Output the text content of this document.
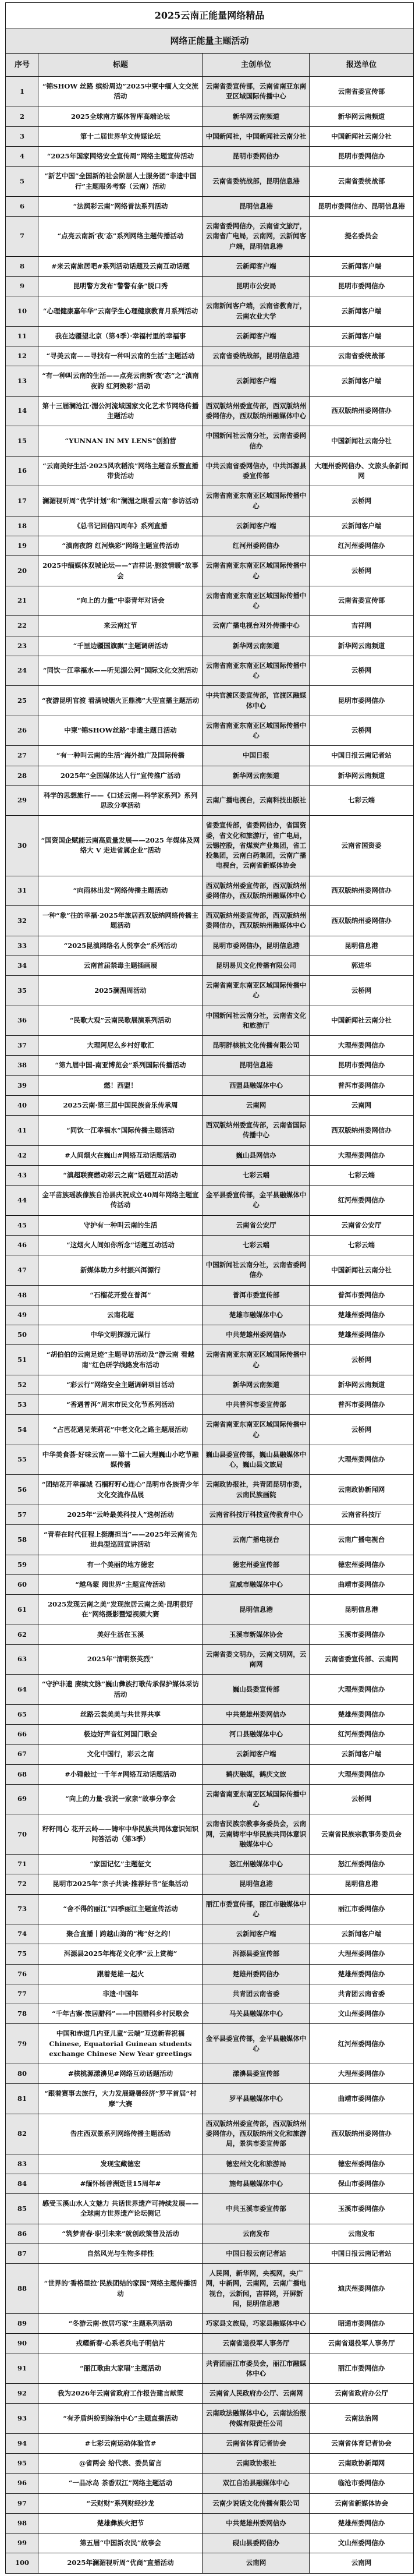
2025云南正能量网络精品			
网络正能量主题活动			
序号	标题	主创单位	报送单位
1	“锦SHOW 丝路 缤纷周边”2025中柬中缅人文交流活动	云南省委宣传部，云南省南亚东南亚区域国际传播中心	云南省委宣传部
2	2025全球南方媒体智库高端论坛	新华网云南频道	新华网云南频道
3	第十二届世界华文传媒论坛	中国新闻社，中国新闻社云南分社	中国新闻社云南分社
4	“2025年国家网络安全宣传周”网络主题宣传活动	昆明市委网信办	昆明市委网信办
5	“新艺中国”全国新的社会阶层人士服务团“非遗中国行”主题服务考察（云南）活动	云南省委统战部，昆明信息港	云南省委统战部
6	“法润彩云南”网络普法系列活动	昆明信息港	昆明市委网信办、昆明信息港
7	“点亮云南新‘夜’态”系列网络主题传播活动	云南省委网信办，云南省文旅厅，云南省广电局，云南网，云新闻客户端，昆明信息港	提名委员会
8	#来云南旅居吧#系列活动话题及云南互动话题	云新闻客户端	云新闻客户端
9	昆明警方发布“警警有条”脱口秀	昆明市公安局	昆明市委网信办
10	“心理健康嘉年华”云南学生心理健康教育月系列活动	云南新闻客户端，云南省教育厅，云南农业大学	云新闻客户端
11	我在边疆望北京（第4季）·幸福村里的幸福事	云新闻客户端	云新闻客户端
12	“寻美云南——寻找有一种叫云南的生活”主题活动	云南省委统战部，昆明信息港	云南省委统战部
13	“有一种叫云南的生活——点亮云南新‘夜’态”之“滇南夜韵 红河焕彩”活动	云新闻客户端	云新闻客户端
14	第十三届澜沧江·湄公河流域国家文化艺术节网络传播主题活动	西双版纳州委宣传部，西双版纳州委网信办，西双版纳州融媒体中心	西双版纳州委网信办
15	“YUNNAN IN MY LENS”创拍营	中国新闻社云南分社，云南省委网信办	中国新闻社云南分社
16	“云南美好生活·2025风吹稻浪”网络主题音乐暨直播带货活动	中共云南省委网信办，中共洱源县委宣传部	大理州委网信办、文旅头条新闻网
17	澜湄视听周“优学计划”和“澜湄之眼看云南”参访活动	云南省南亚东南亚区域国际传播中心	云桥网
18	《总书记回信四周年》系列直播	云新闻客户端	云新闻客户端
19	“滇南夜韵 红河焕彩”网络主题宣传活动	红河州委网信办	红河州委网信办
20	2025中缅媒体双城论坛——“吉祥说·胞波情暖”故事会	云南省南亚东南亚区域国际传播中心	云桥网
21	“向上的力量”中泰青年对话会	云南省南亚东南亚区域国际传播中心	云南省委宣传部
22	来云南过节	云南广播电视台对外传播中心	吉祥网
23	“千里边疆国旗飘”主题调研活动	新华网云南频道	新华网云南频道
24	“同饮一江幸福水——听见湄公河”国际文化交流活动	云南省南亚东南亚区域国际传播中心	云桥网
25	“夜游昆明官渡 看满城烟火正鼎沸”大型直播主题活动	中共官渡区委宣传部，官渡区融媒体中心	昆明市委网信办
26	中柬“锦SHOW丝路”非遗主题日活动	云南省南亚东南亚区域国际传播中心	云桥网
27	“有一种叫云南的生活”海外推广及国际传播	中国日报	中国日报云南记者站
28	2025年“全国媒体达人行”宣传推广活动	新华网云南频道	新华网云南频道
29	科学的思想旅行——《口述云南—科学家系列》系列思政分享活动	云南广播电视台，云南科技出版社	七彩云端
30	“国资国企赋能云南高质量发展——2025 年媒体及网络大 V 走进省属企业”活动	省委宣传部，省委网信办，省国资委，省文化和旅游厅，省广电局，云锡控股，省煤炭产业集团，省工投集团，云南白药集团，云南广播电视台，云南省新媒体协会	云南省国资委
31	“向雨林出发”网络传播主题活动	西双版纳州委宣传部，西双版纳州委网信办，西双版纳州融媒体中心	西双版纳州委网信办
32	一种“象”往的幸福·2025年旅居西双版纳网络传播主题活动	西双版纳州委宣传部，西双版纳州委网信办，西双版纳州融媒体中心	西双版纳州委网信办
33	“2025昆滇网络名人悦享会”系列活动	昆明市委网信办，昆明信息港	昆明信息港
34	云南首届禁毒主题插画展	昆明易贝文化传播有限公司	郭进华
35	2025澜湄周活动	云南省南亚东南亚区域国际传播中心	云桥网
36	“民歌大观”云南民歌展演系列活动	中国新闻社云南分社，云南省文化和旅游厅	中国新闻社云南分社
37	大理阿尼么乡村好歌汇	昆明胖核桃文化传播有限公司	大理州委网信办
38	“第九届中国-南亚博览会”系列国际传播活动	昆明信息港	昆明市委网信办
39	燃！西盟！	西盟县融媒体中心	普洱市委网信办
40	2025云南·第三届中国民族音乐传承周	云南网	云南网
41	“同饮一江幸福水”国际传播主题活动	西双版纳州委宣传部，云南省国际传播中心	西双版纳州委网信办
42	#人间烟火在巍山#网络互动话题活动	巍山县网信办	大理州委网信办
43	“滇超联赛燃动彩云之南”话题互动活动	七彩云端	七彩云端
44	金平苗族瑶族傣族自治县庆祝成立40周年网络主题宣传活动	金平县委宣传部，金平县融媒体中心	红河州委网信办
45	守护有一种叫云南的生活	云南省公安厅	云南省公安厅
46	“这烟火人间如你所念”话题互动活动	七彩云端	七彩云端
47	新媒体助力乡村振兴洱源行	中国新闻社云南分社，云南省委网信办	中国新闻社云南分社
48	“石榴花开爱在普洱”	普洱市委宣传部	普洱市委网信办
49	云南花超	楚雄市融媒体中心	楚雄州委网信办
50	中华文明探源元谋行	中共楚雄州委网信办	楚雄州委网信办
51	“胡伯伯的云南足迹”主题寻访活动及“游云南 看越南”红色研学线路发布活动	云南省南亚东南亚区域国际传播中心	云桥网
52	“彩云行”网络安全主题调研项目活动	新华网云南频道	新华网云南频道
53	“香遇普洱”周末市民文化节系列活动	中共普洱市委宣传部	普洱市委网信办
54	“占芭花遇见茉莉花”中老文化之路主题展活动	云南省南亚东南亚区域国际传播中心	云桥网
55	中华美食荟·好味云南——第十二届大理巍山小吃节融媒传播	巍山县委宣传部，巍山县融媒体中心，巍山县文旅局	大理州委网信办
56	“团结花开幸福城 石榴籽籽心连心”昆明市各族青少年文化交流作品展	云南政协报社，共青团昆明市委，云南民族画院	云南政协新闻网
57	2025年“云岭最美科技人”选树活动	云南省科技厅科技宣传教育中心	云南省科技厅
58	“青春在时代征程上挺膺担当”——2025年云南省先进典型巡回宣讲活动	云南广播电视台	云南广播电视台
59	有一个美丽的地方德宏	德宏州委宣传部	德宏州委网信办
60	“越乌蒙 阅世界”主题宣传活动	宣威市融媒体中心	曲靖市委网信办
61	2025发现云南之美“发现旅居云南之美·昆明很好在”网络摄影暨短视频大赛	昆明信息港	昆明信息港
62	美好生活在玉溪	玉溪市新媒体协会	玉溪市委网信办
63	2025年“清明祭英烈”	云南省委文明办，云南文明网，云南网	云南省委宣传部、云南网
64	“守护非遗 赓续文脉”巍山彝族打歌传承保护媒体采访活动	巍山县委宣传部	大理州委网信办
65	丝路云裳美美与共世界共享	中共楚雄州委网信办	楚雄州委网信办
66	极边好声音红河国门歌会	河口县融媒体中心	红河州委网信办
67	文化中国行，彩云之南	云新闻客户端	云新闻客户端
68	#小锤敲过一千年#网络互动话题活动	鹤庆融媒，鹤庆文旅	大理州委网信办
69	“向上的力量·我说一家亲”故事分享会	云南省南亚东南亚区域国际传播中心	云桥网
70	籽籽同心 花开云岭——铸牢中华民族共同体意识知识问答活动（第3季）	云南省民族宗教事务委员会，云南网，云南铸牢中华民族共同体意识融媒体中心	云南省民族宗教事务委员会
71	“家国记忆”主题征文	怒江州融媒体中心	怒江州委网信办
72	昆明市2025年“亲子共读·推荐好书”征集活动	昆明信息港	昆明信息港
73	“舍不得的丽江”四季丽江主题宣传活动	丽江市委宣传部，丽江市融媒体中心	丽江市委网信办
74	聚合直播丨跨越山海的“梅”好之约！	云新闻客户端	云新闻客户端
75	洱源县2025年梅花文化季“云上赏梅”	洱源县委宣传部	大理州委网信办
76	跟着楚雄一起火	楚雄州委网信办	楚雄州委网信办
77	非遗·中国年	共青团云南省委	共青团云南省委
78	“千年古寨·旅居腊科”——中国腊科乡村民歌会	马关县融媒体中心	文山州委网信办
79	中国和赤道几内亚儿童“云端”互送新春祝福 Chinese, Equatorial Guinean students exchange Chinese New Year greetings	金平县委宣传部，金平县融媒体中心	红河州委网信办
80	#核桃源漾濞见#网络互动话题活动	漾濞县委宣传部	大理州委网信办
81	“跟着赛事去旅行，大力发展避暑经济”罗平首届“村摩”大赛	罗平县融媒体中心	曲靖市委网信办
82	告庄西双景系列网络传播主题活动	西双版纳州委宣传部，西双版纳州委网信办，西双版纳州文化和旅游局，景洪市委宣传部	西双版纳州委网信办
83	发现宝藏德宏	德宏州文化和旅游局	德宏州委网信办
84	#缅怀杨善洲逝世15周年#	施甸县融媒体中心	保山市委网信办
85	感受玉溪山水人文魅力 共话世界遗产可持续发展——全球南方世界遗产论坛侧记	中共玉溪市委宣传部	玉溪市委网信办
86	“筑梦青春·职引未来”就创政策普及活动	云南发布	云南发布
87	自然风光与生物多样性	中国日报云南记者站	中国日报云南记者站
88	“世界的‘香格里拉’民族团结的家园”网络主题传播活动	人民网，新华网，央视网，央广网，中新网，云南网，云南广播电视台，云新闻，吉祥网，开屏新闻，昆明信息港	迪庆州委网信办
89	“冬游云南·旅居巧家”主题系列活动	巧家县文旅局，巧家县融媒体中心	昭通市委网信办
90	戎耀新春·心系老兵电子明信片	云南省退役军人事务厅	云南省退役军人事务厅
91	“丽江歌曲大家唱”主题活动	共青团丽江市委员会，丽江市融媒体中心	丽江市委网信办
92	我为2026年云南省政府工作报告建言献策	云南省人民政府办公厅、云南网	云南省政府办公厅
93	“有矛盾纠纷到综治中心”主题直播活动	云南政法融媒体中心，云南法治报传媒有限责任公司	云南法治网
94	#七彩云南运动体验官#	云南省体育记者协会	云南省体育记者协会
95	@省两会 给代表、委员留言	云南政协报社	云南政协新闻网
96	“一品冰岛 茶香双江”网络主题活动	双江自治县融媒体中心	临沧市委网信办
97	“云财财”系列财经沙龙	云南少说话文化传播有限公司	云南省新媒体协会
98	楚雄彝族火把节	中共楚雄州委网信办	楚雄州委网信办
99	第五届“中国新农民”故事会	砚山县委网信办	文山州委网信办
100	2025年澜湄视听周“优商”直播活动	云南网	云南网
